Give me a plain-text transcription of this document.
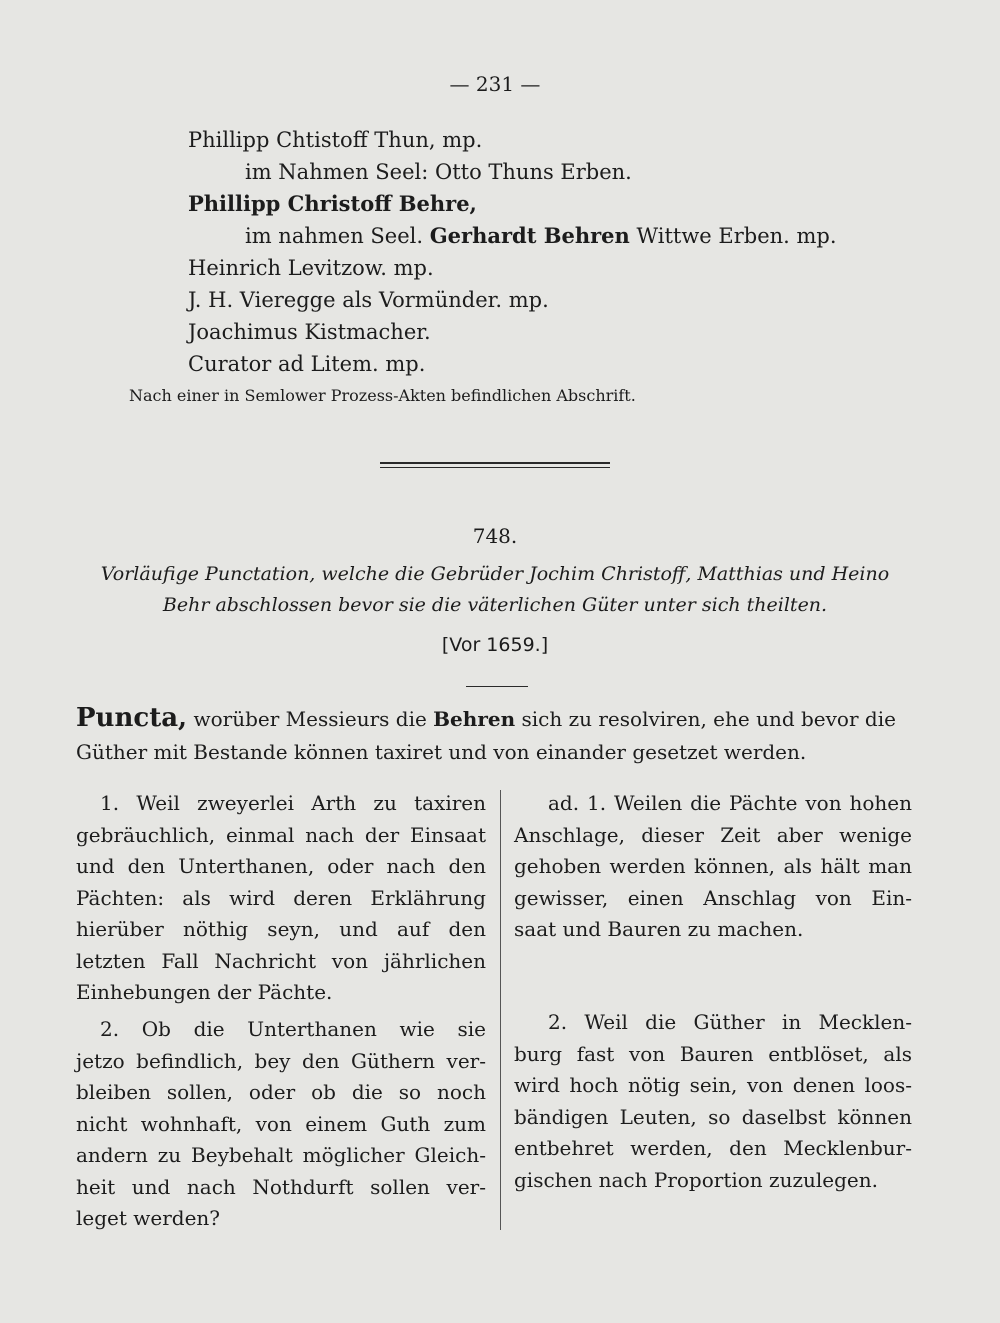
— 231 —
Phillipp Chtistoff Thun, mp.
im Nahmen Seel: Otto Thuns Erben.
Phillipp Christoff Behre,
im nahmen Seel. Gerhardt Behren Wittwe Erben. mp.
Heinrich Levitzow. mp.
J. H. Vieregge als Vormünder. mp.
Joachimus Kistmacher.
Curator ad Litem. mp.
Nach einer in Semlower Prozess-Akten befindlichen Abschrift.
748.
Vorläufige Punctation, welche die Gebrüder Jochim Christoff, Matthias und Heino
Behr abschlossen bevor sie die väterlichen Güter unter sich theilten.
[Vor 1659.]
Puncta, worüber Messieurs die Behren sich zu resolviren, ehe und bevor die
Güther mit Bestande können taxiret und von einander gesetzet werden.
1. Weil zweyerlei Arth zu taxiren
gebräuchlich, einmal nach der Einsaat
und den Unterthanen, oder nach den
Pächten: als wird deren Erklährung
hierüber nöthig seyn, und auf den
letzten Fall Nachricht von jährlichen
Einhebungen der Pächte.
2. Ob die Unterthanen wie sie
jetzo befindlich, bey den Güthern ver-
bleiben sollen, oder ob die so noch
nicht wohnhaft, von einem Guth zum
andern zu Beybehalt möglicher Gleich-
heit und nach Nothdurft sollen ver-
leget werden?
ad. 1. Weilen die Pächte von hohen
Anschlage, dieser Zeit aber wenige
gehoben werden können, als hält man
gewisser, einen Anschlag von Ein-
saat und Bauren zu machen.
2. Weil die Güther in Mecklen-
burg fast von Bauren entblöset, als
wird hoch nötig sein, von denen loos-
bändigen Leuten, so daselbst können
entbehret werden, den Mecklenbur-
gischen nach Proportion zuzulegen.
